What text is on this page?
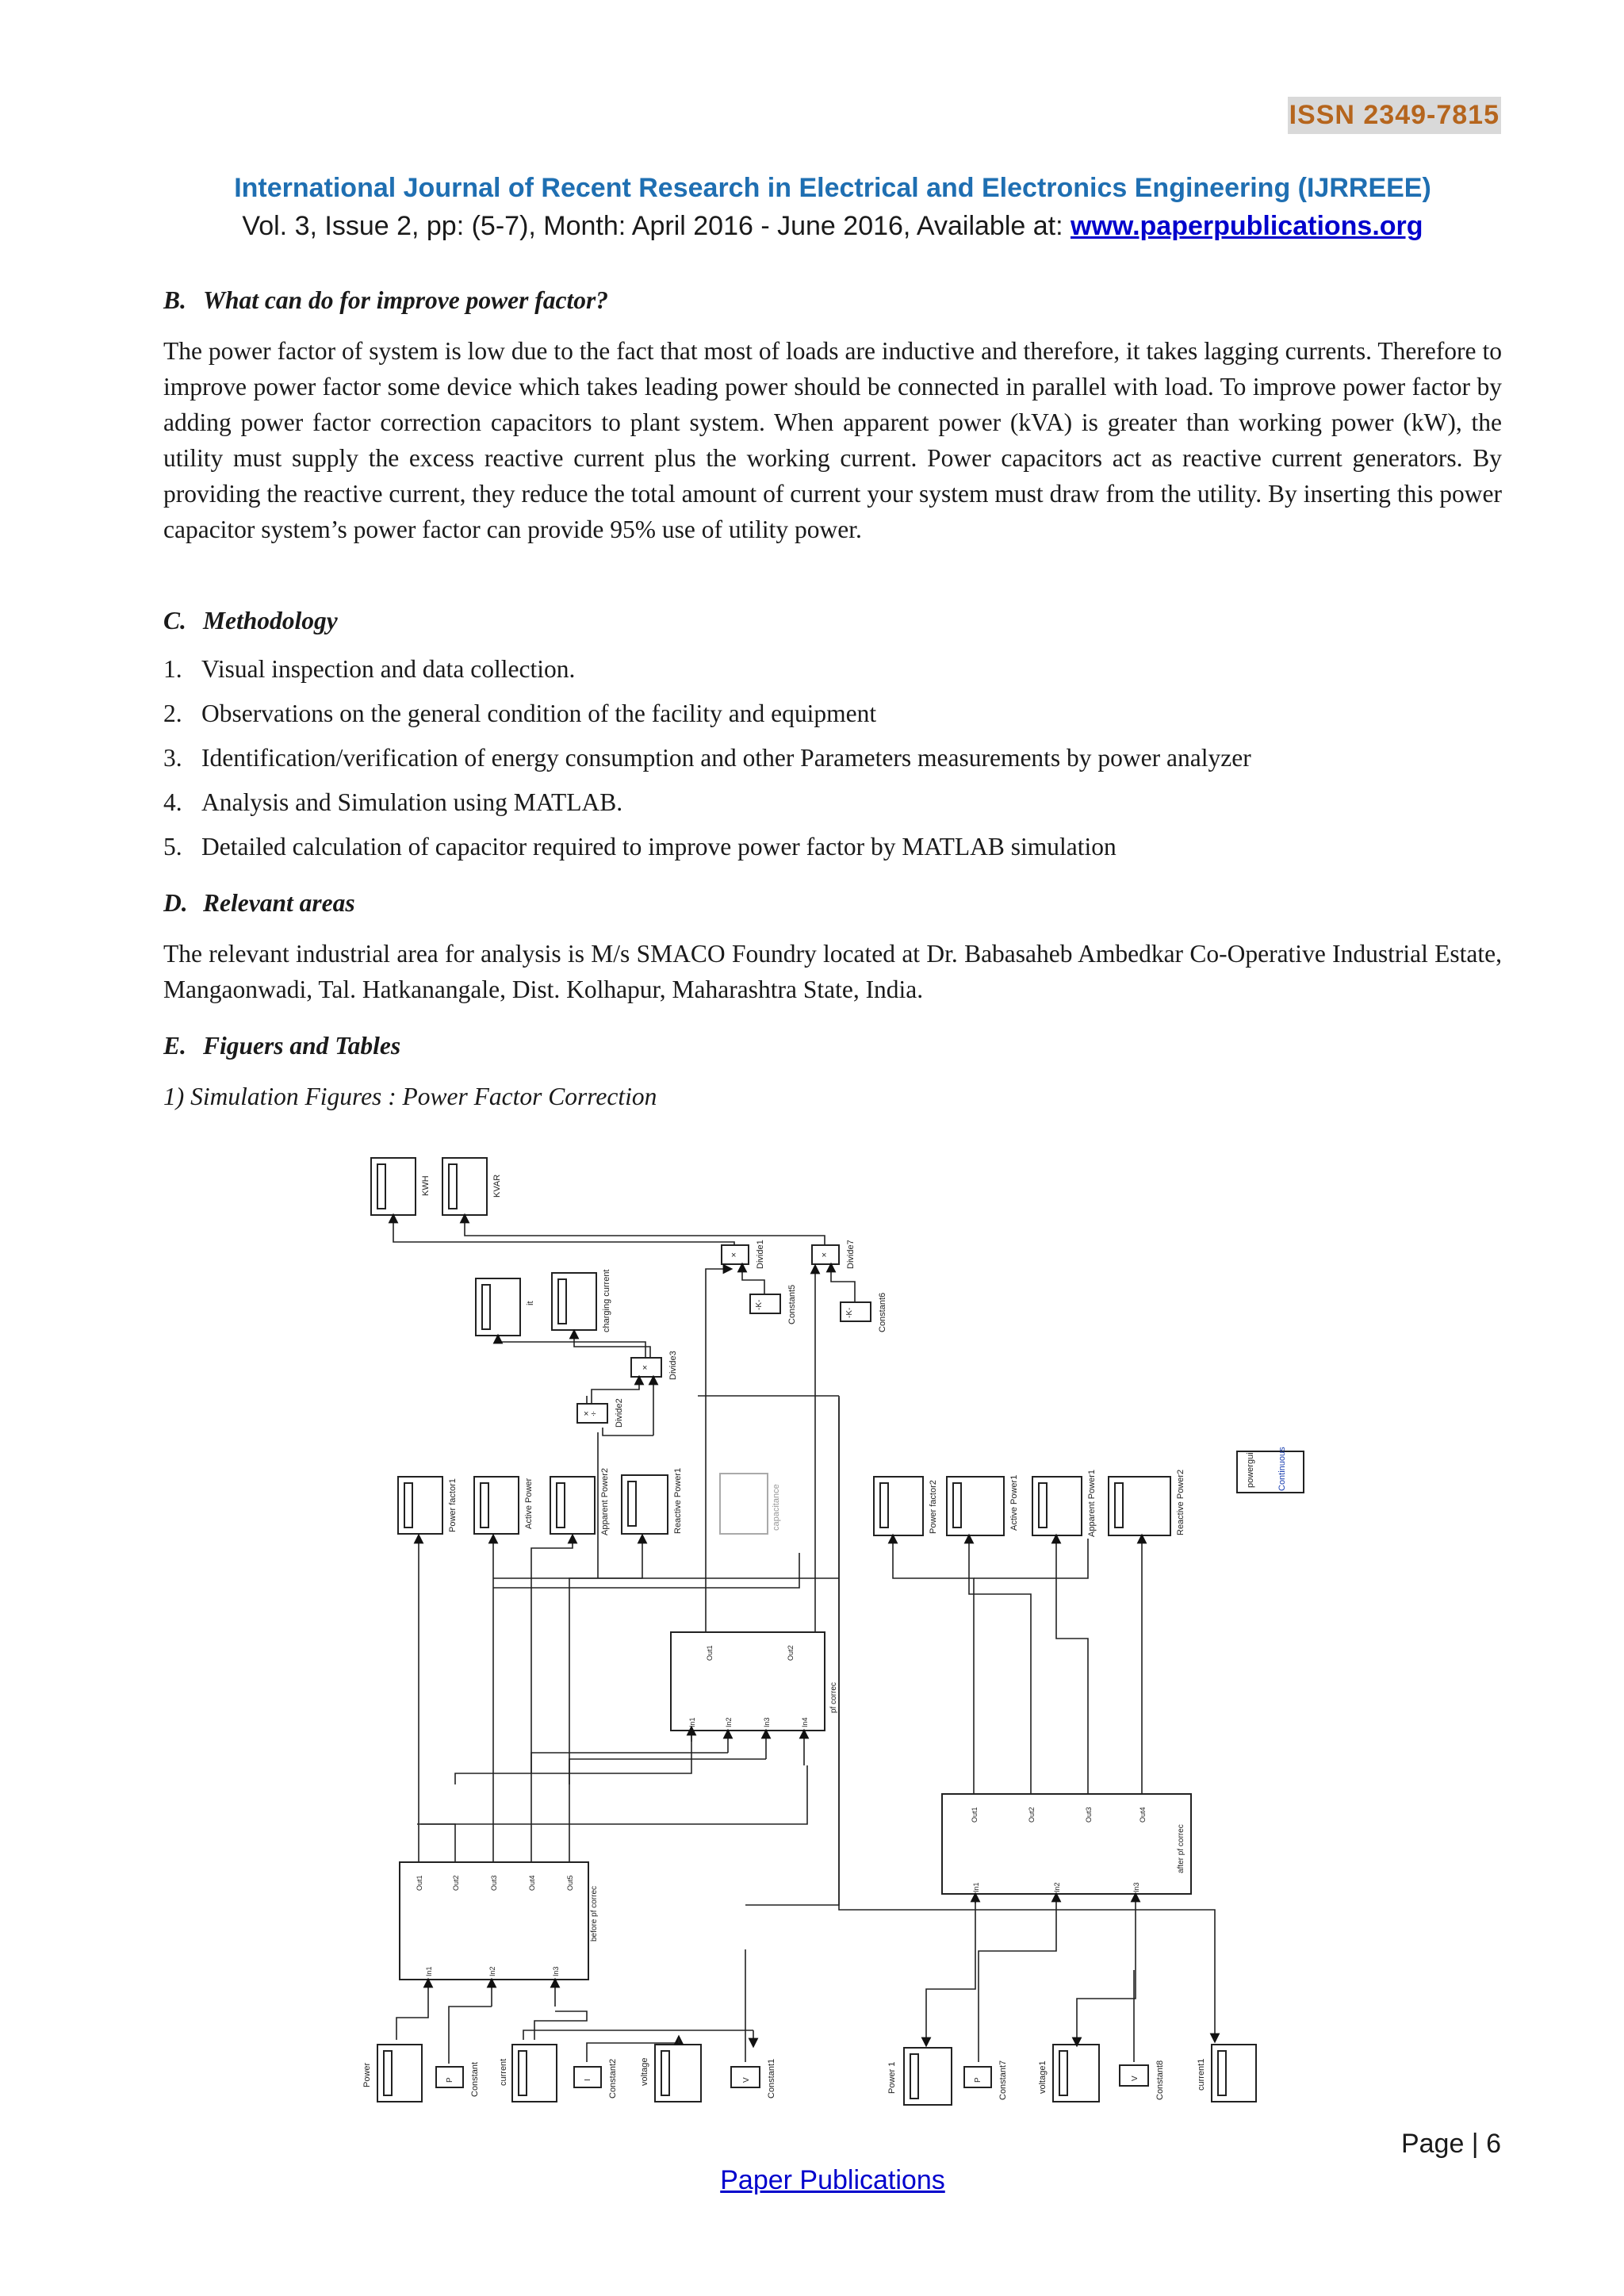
ISSN 2349-7815
International Journal of Recent Research in Electrical and Electronics Engineering (IJRREEE)
Vol. 3, Issue 2, pp: (5-7), Month: April 2016 - June 2016, Available at: www.paperpublications.org
B. What can do for improve power factor?

The power factor of system is low due to the fact that most of loads are inductive and therefore, it takes lagging currents. Therefore to improve power factor some device which takes leading power should be connected in parallel with load. To improve power factor by adding power factor correction capacitors to plant system. When apparent power (kVA) is greater than working power (kW), the utility must supply the excess reactive current plus the working current. Power capacitors act as reactive current generators. By providing the reactive current, they reduce the total amount of current your system must draw from the utility. By inserting this power capacitor system’s power factor can provide 95% use of utility power.

C. Methodology
1. Visual inspection and data collection.
2. Observations on the general condition of the facility and equipment
3. Identification/verification of energy consumption and other Parameters measurements by power analyzer
4. Analysis and Simulation using MATLAB.
5. Detailed calculation of capacitor required to improve power factor by MATLAB simulation
D. Relevant areas

The relevant industrial area for analysis is M/s SMACO Foundry located at Dr. Babasaheb Ambedkar Co-Operative Industrial Estate, Mangaonwadi, Tal. Hatkanangale, Dist. Kolhapur, Maharashtra State, India.

E. Figuers and Tables
1) Simulation Figures : Power Factor Correction
KWH	KVAR
Divide1	Divide7
Divide3
Divide2
Constant5	Constant6
-K-
-K-
×	×
×
× ÷
it	charging current
Power factor1	Active Power	Apparent Power2	Reactive Power1	capacitance	Power factor2	Active Power1	Apparent Power1	Reactive Power2	powergui	Continuous
Out1	Out2
In1	In2	In3	In4
pf correc
Out1	Out2	Out3	Out4
In1	In2	In3
after pf correc
Out1	Out2	Out3	Out4	Out5
In1	In2	In3
before pf correc
Power	Constant current	Constant2	voltage	Constant1
P	I	V	Power 1	Constant7	voltage1	Constant8	current1
P	V
Page | 6
Paper Publications
